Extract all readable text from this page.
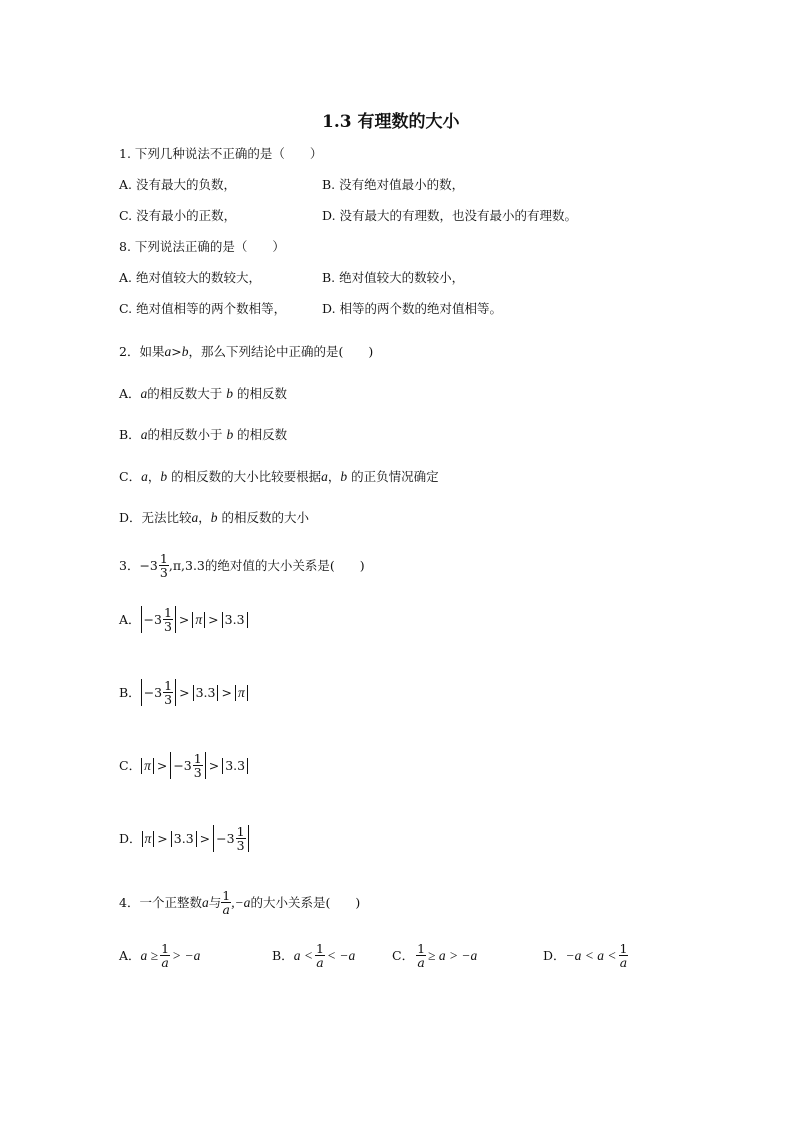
1.3 有理数的大小
1. 下列几种说法不正确的是（　　）
A. 没有最大的负数，	B. 没有绝对值最小的数，
C. 没有最小的正数，	D. 没有最大的有理数，也没有最小的有理数。
8. 下列说法正确的是（　　）
A. 绝对值较大的数较大，	B. 绝对值较大的数较小，
C. 绝对值相等的两个数相等，	D. 相等的两个数的绝对值相等。
2．如果a>b，那么下列结论中正确的是(　　)
A．a的相反数大于 b 的相反数
B．a的相反数小于 b 的相反数
C．a，b 的相反数的大小比较要根据a，b 的正负情况确定
D．无法比较a，b 的相反数的大小
3． $-3 \frac{1}{3} ,\pi,3.3$ 的绝对值的大小关系是(　　)
A． $-3 \frac{1}{3} > \pi > 3.3$
B． $-3 \frac{1}{3} > 3.3 > \pi$
C． $\pi > -3 \frac{1}{3} > 3.3$
D． $\pi > 3.3 > -3 \frac{1}{3}$
4．一个正整数 a 与 $\frac{1}{a} ,-a$ 的大小关系是(　　)
A． $a \ge \frac{1}{a} > -a$	B． $a < \frac{1}{a} < -a$	C． $\frac{1}{a} \ge a > -a$	D． $-a < a < \frac{1}{a}$
